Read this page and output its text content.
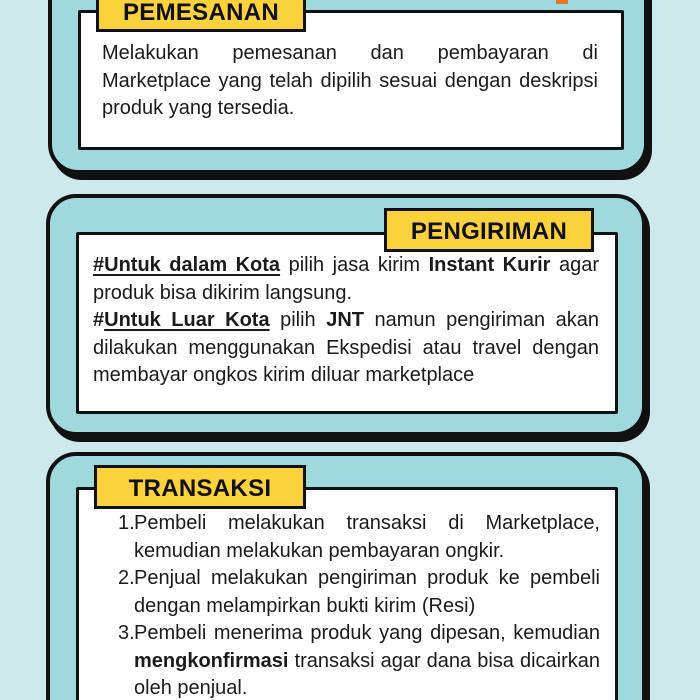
PEMESANAN

Melakukan pemesanan dan pembayaran di Marketplace yang telah dipilih sesuai dengan deskripsi produk yang tersedia.

PENGIRIMAN

#Untuk dalam Kota pilih jasa kirim Instant Kurir agar produk bisa dikirim langsung.

#Untuk Luar Kota pilih JNT namun pengiriman akan dilakukan menggunakan Ekspedisi atau travel dengan membayar ongkos kirim diluar marketplace

TRANSAKSI
1. Pembeli melakukan transaksi di Marketplace, kemudian melakukan pembayaran ongkir.
2. Penjual melakukan pengiriman produk ke pembeli dengan melampirkan bukti kirim (Resi)
3. Pembeli menerima produk yang dipesan, kemudian mengkonfirmasi transaksi agar dana bisa dicairkan oleh penjual.
